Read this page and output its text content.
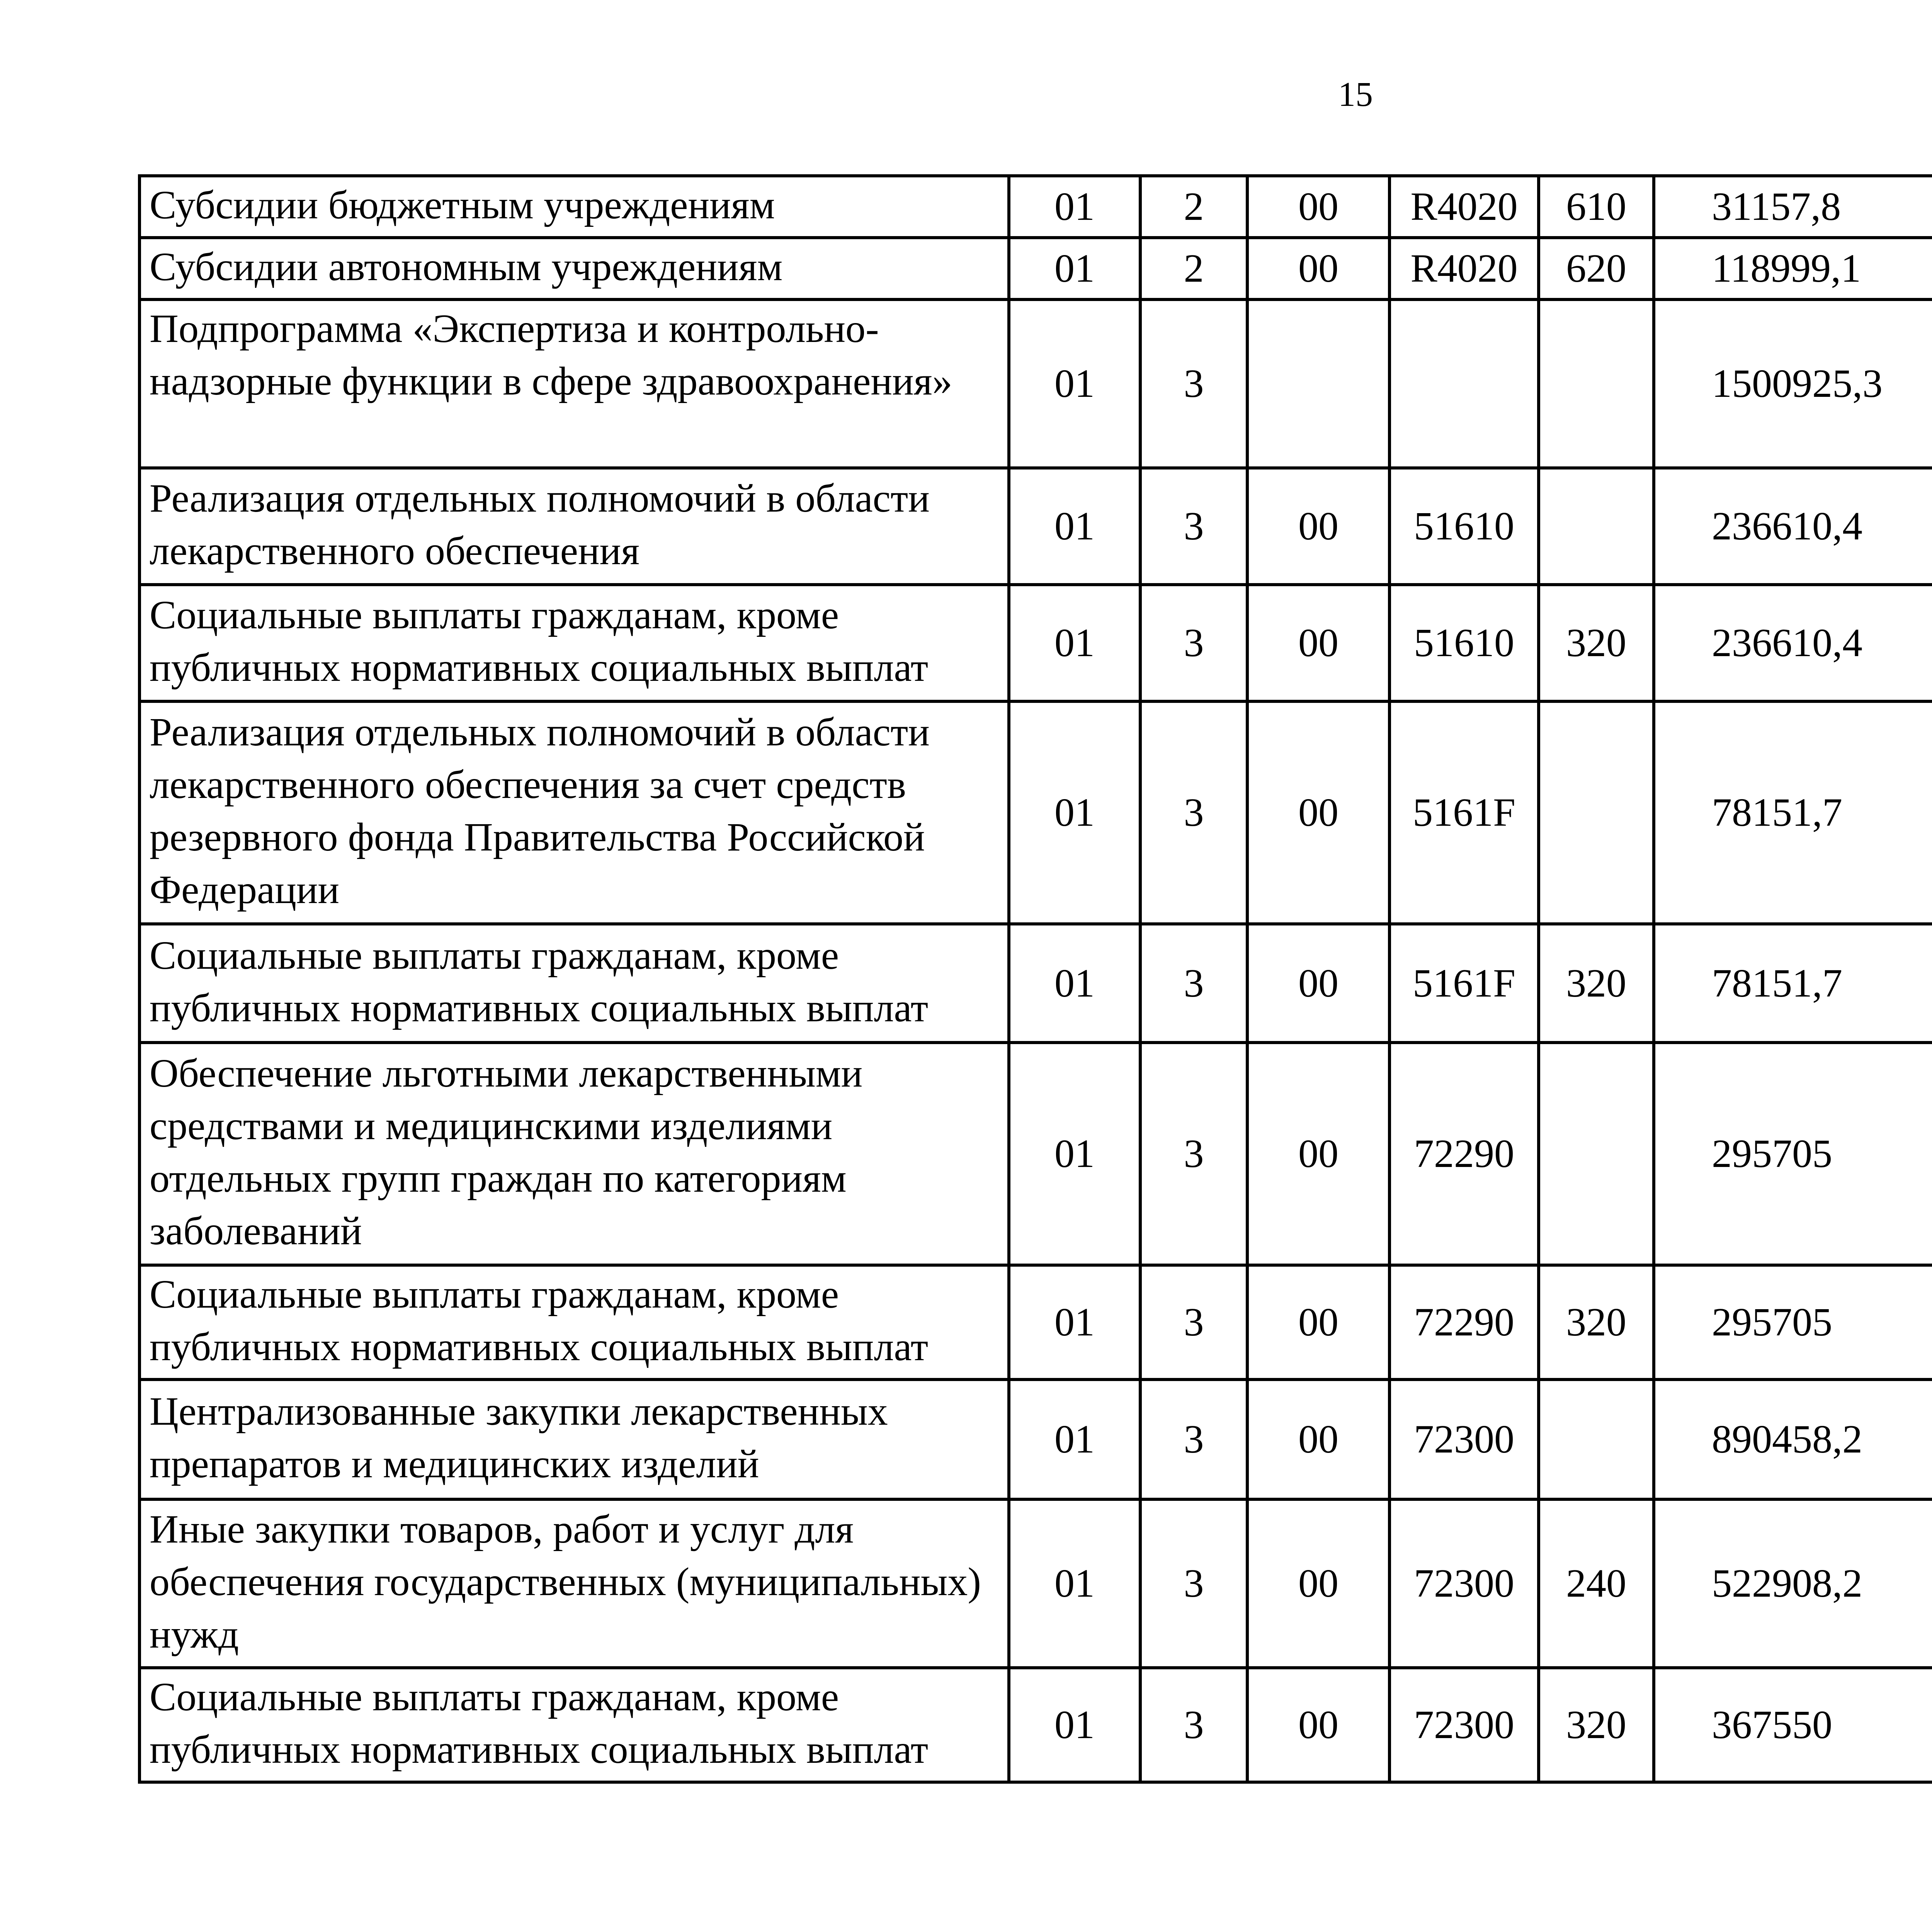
15
Субсидии бюджетным учреждениям	01	2	00	R4020	610	31157,8		
Субсидии автономным учреждениям	01	2	00	R4020	620	118999,1		
Подпрограмма «Экспертиза и контрольно-надзорные функции в сфере здравоохранения»	01	3				1500925,3		
Реализация отдельных полномочий в области лекарственного обеспечения	01	3	00	51610		236610,4		
Социальные выплаты гражданам, кроме публичных нормативных социальных выплат	01	3	00	51610	320	236610,4		
Реализация отдельных полномочий в области лекарственного обеспечения за счет средств резервного фонда Правительства Российской Федерации	01	3	00	5161F		78151,7		
Социальные выплаты гражданам, кроме публичных нормативных социальных выплат	01	3	00	5161F	320	78151,7		
Обеспечение льготными лекарственными средствами и медицинскими изделиями отдельных групп граждан по категориям заболеваний	01	3	00	72290		295705		
Социальные выплаты гражданам, кроме публичных нормативных социальных выплат	01	3	00	72290	320	295705		
Централизованные закупки лекарственных препаратов и медицинских изделий	01	3	00	72300		890458,2		
Иные закупки товаров, работ и услуг для обеспечения государственных (муниципальных) нужд	01	3	00	72300	240	522908,2		
Социальные выплаты гражданам, кроме публичных нормативных социальных выплат	01	3	00	72300	320	367550		
